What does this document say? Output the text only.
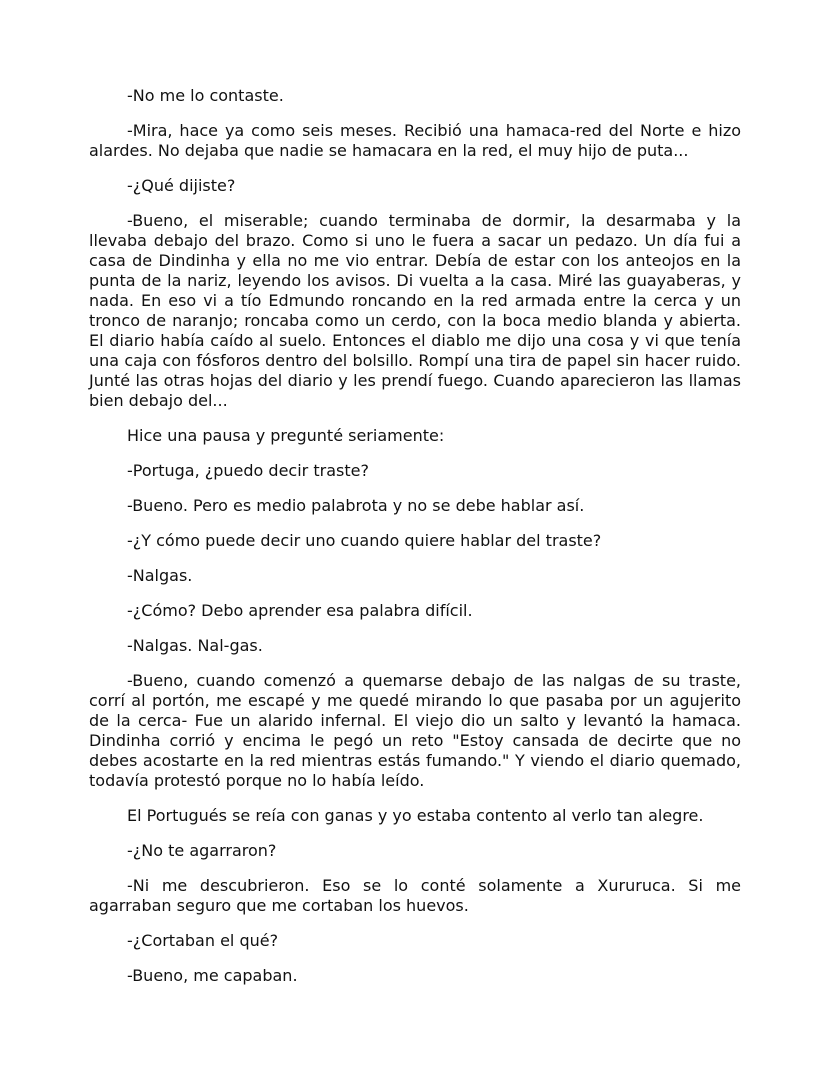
-No me lo contaste.

-Mira, hace ya como seis meses. Recibió una hamaca-red del Norte e hizo alardes. No dejaba que nadie se hamacara en la red, el muy hijo de puta...

-¿Qué dijiste?

-Bueno, el miserable; cuando terminaba de dormir, la desarmaba y la llevaba debajo del brazo. Como si uno le fuera a sacar un pedazo. Un día fui a casa de Dindinha y ella no me vio entrar. Debía de estar con los anteojos en la punta de la nariz, leyendo los avisos. Di vuelta a la casa. Miré las guayaberas, y nada. En eso vi a tío Edmundo roncando en la red armada entre la cerca y un tronco de naranjo; roncaba como un cerdo, con la boca medio blanda y abierta. El diario había caído al suelo. Entonces el diablo me dijo una cosa y vi que tenía una caja con fósforos dentro del bolsillo. Rompí una tira de papel sin hacer ruido. Junté las otras hojas del diario y les prendí fuego. Cuando aparecieron las llamas bien debajo del...

Hice una pausa y pregunté seriamente:

-Portuga, ¿puedo decir traste?

-Bueno. Pero es medio palabrota y no se debe hablar así.

-¿Y cómo puede decir uno cuando quiere hablar del traste?

-Nalgas.

-¿Cómo? Debo aprender esa palabra difícil.

-Nalgas. Nal-gas.

-Bueno, cuando comenzó a quemarse debajo de las nalgas de su traste, corrí al portón, me escapé y me quedé mirando lo que pasaba por un agujerito de la cerca- Fue un alarido infernal. El viejo dio un salto y levantó la hamaca. Dindinha corrió y encima le pegó un reto "Estoy cansada de decirte que no debes acostarte en la red mientras estás fumando." Y viendo el diario quemado, todavía protestó porque no lo había leído.

El Portugués se reía con ganas y yo estaba contento al verlo tan alegre.

-¿No te agarraron?

-Ni me descubrieron. Eso se lo conté solamente a Xururuca. Si me agarraban seguro que me cortaban los huevos.

-¿Cortaban el qué?

-Bueno, me capaban.
